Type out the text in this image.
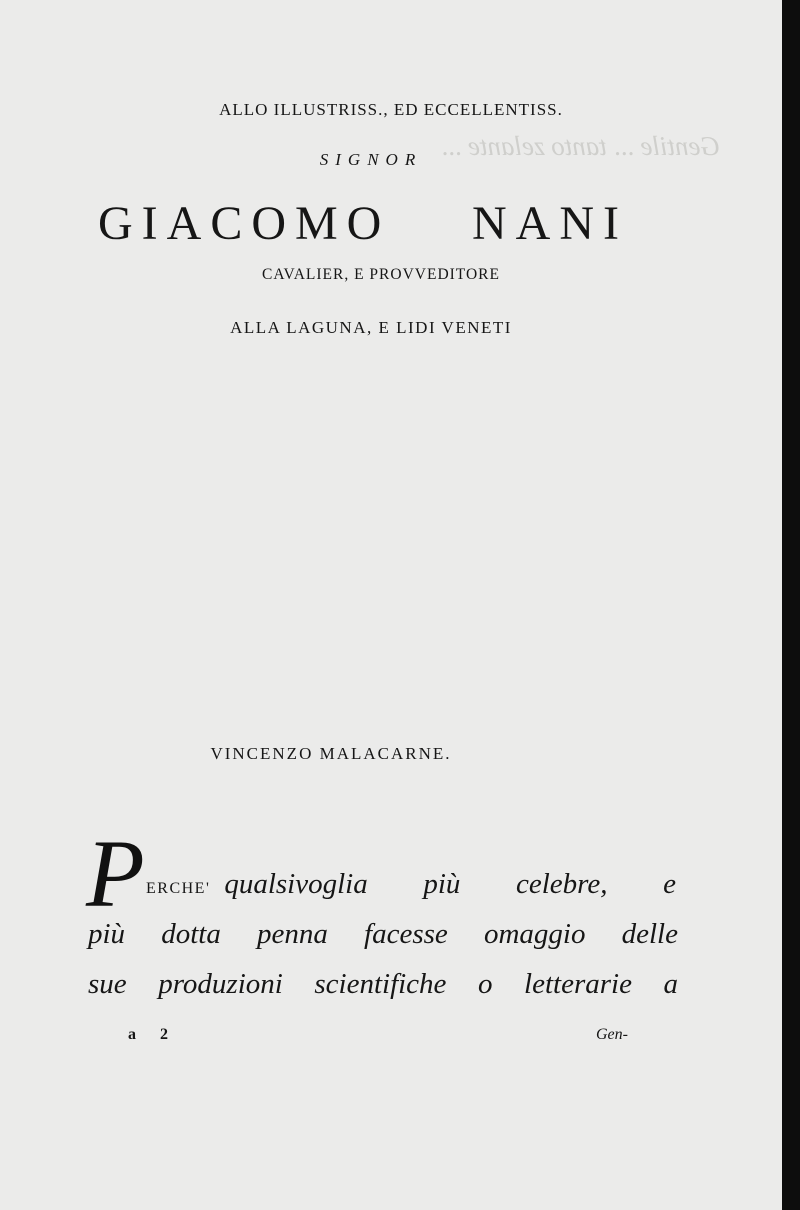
Gentile ... tanto zelante ...

ALLO ILLUSTRISS., ED ECCELLENTISS.
SIGNOR
GIACOMO NANI
CAVALIER, E PROVVEDITORE
ALLA LAGUNA, E LIDI VENETI
VINCENZO MALACARNE.
P ERCHE' qualsivoglia più celebre, e
più dotta penna facesse omaggio delle
sue produzioni scientifiche o letterarie a
a 2	Gen-
